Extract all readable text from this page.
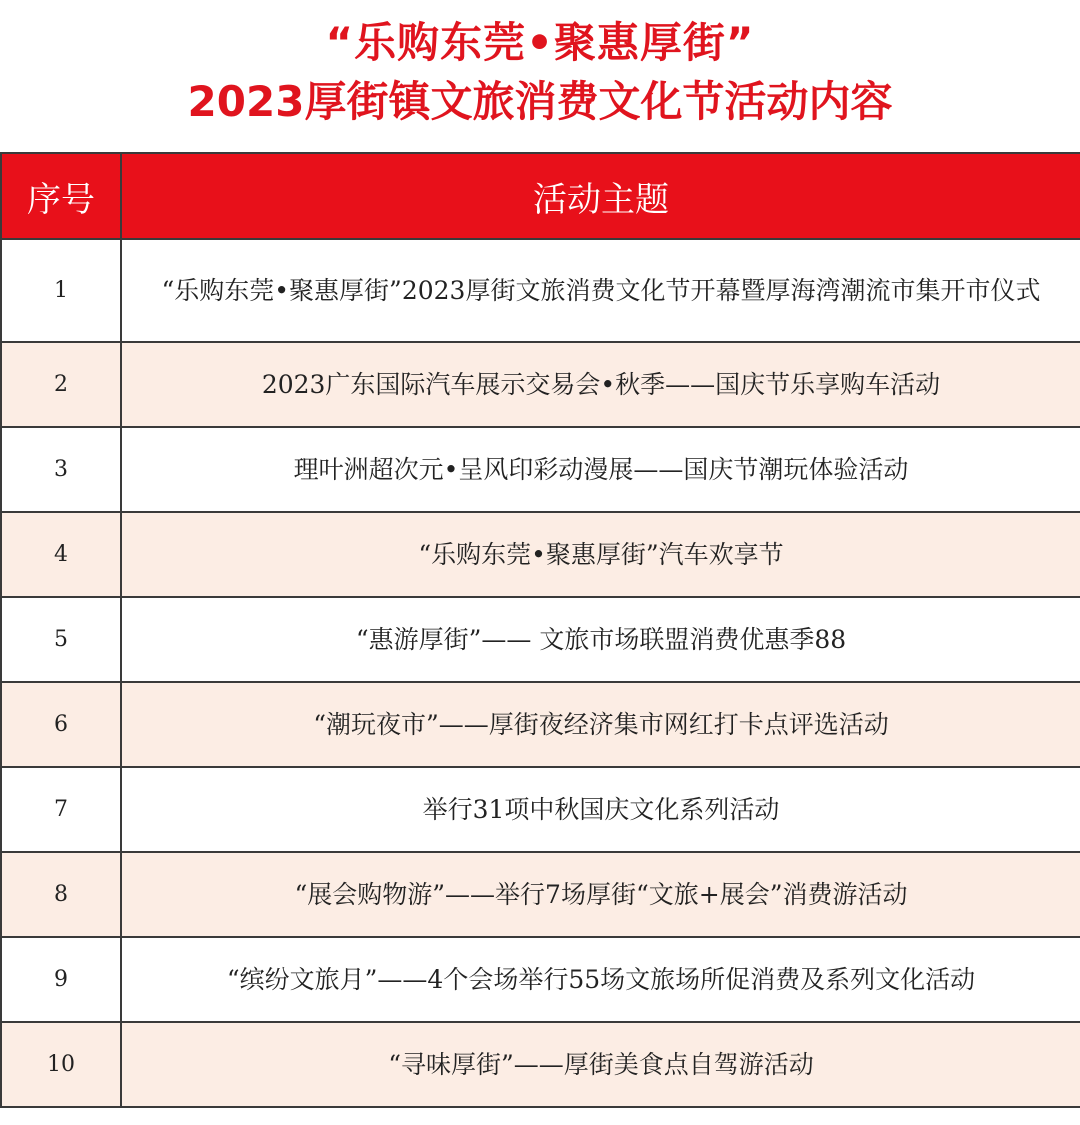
“乐购东莞•聚惠厚街”
2023厚街镇文旅消费文化节活动内容
序号	活动主题
1	“乐购东莞•聚惠厚街”2023厚街文旅消费文化节开幕暨厚海湾潮流市集开市仪式
2	2023广东国际汽车展示交易会•秋季——国庆节乐享购车活动
3	理叶洲超次元•呈风印彩动漫展——国庆节潮玩体验活动
4	“乐购东莞•聚惠厚街”汽车欢享节
5	“惠游厚街”—— 文旅市场联盟消费优惠季88
6	“潮玩夜市”——厚街夜经济集市网红打卡点评选活动
7	举行31项中秋国庆文化系列活动
8	“展会购物游”——举行7场厚街“文旅+展会”消费游活动
9	“缤纷文旅月”——4个会场举行55场文旅场所促消费及系列文化活动
10	“寻味厚街”——厚街美食点自驾游活动
